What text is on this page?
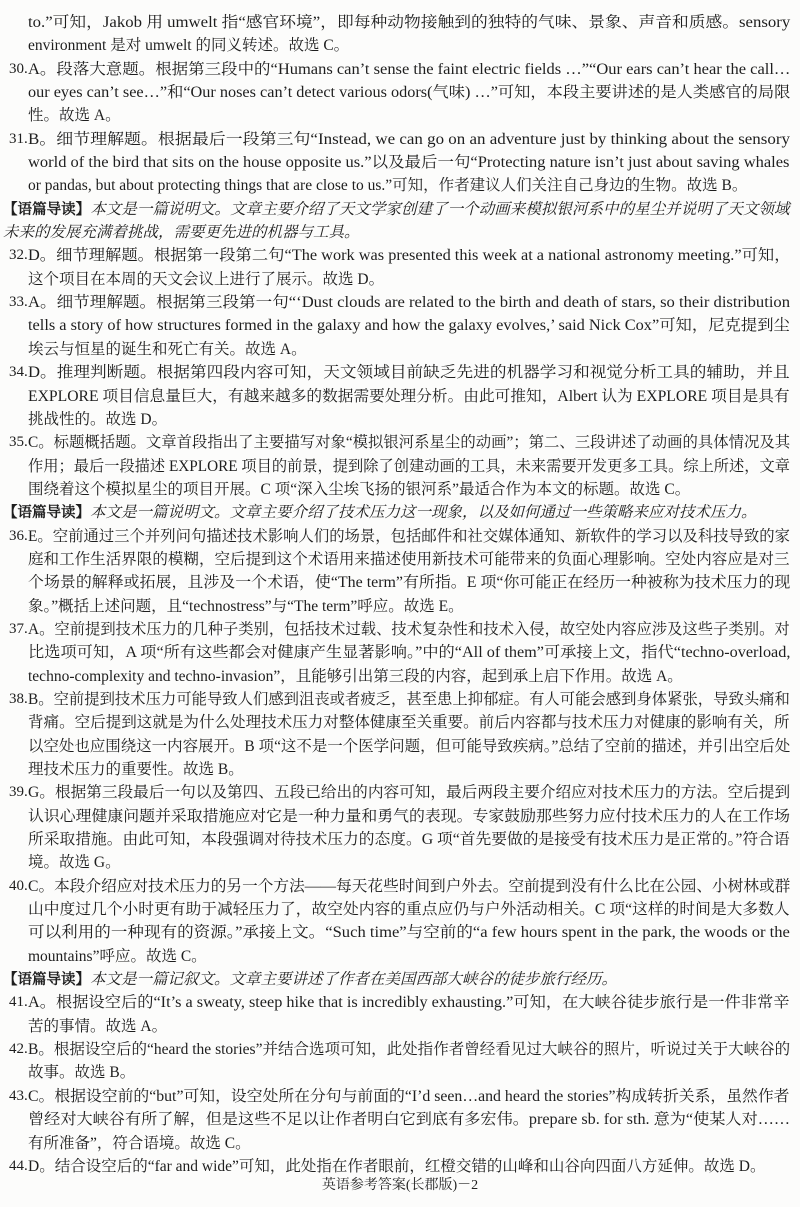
to.”可知，Jakob 用 umwelt 指“感官环境”，即每种动物接触到的独特的气味、景象、声音和质感。sensory
environment 是对 umwelt 的同义转述。故选 C。
30. A。段落大意题。根据第三段中的“Humans can’t sense the faint electric fields …”“Our ears can’t hear the call…
our eyes can’t see…”和“Our noses can’t detect various odors(气味) …”可知，本段主要讲述的是人类感官的局限
性。故选 A。
31. B。细节理解题。根据最后一段第三句“Instead, we can go on an adventure just by thinking about the sensory
world of the bird that sits on the house opposite us.”以及最后一句“Protecting nature isn’t just about saving whales
or pandas, but about protecting things that are close to us.”可知，作者建议人们关注自己身边的生物。故选 B。
【语篇导读】本文是一篇说明文。文章主要介绍了天文学家创建了一个动画来模拟银河系中的星尘并说明了天文领域
未来的发展充满着挑战，需要更先进的机器与工具。
32. D。细节理解题。根据第一段第二句“The work was presented this week at a national astronomy meeting.”可知，
这个项目在本周的天文会议上进行了展示。故选 D。
33. A。细节理解题。根据第三段第一句“‘Dust clouds are related to the birth and death of stars, so their distribution
tells a story of how structures formed in the galaxy and how the galaxy evolves,’ said Nick Cox”可知，尼克提到尘
埃云与恒星的诞生和死亡有关。故选 A。
34. D。推理判断题。根据第四段内容可知，天文领域目前缺乏先进的机器学习和视觉分析工具的辅助，并且
EXPLORE 项目信息量巨大，有越来越多的数据需要处理分析。由此可推知，Albert 认为 EXPLORE 项目是具有
挑战性的。故选 D。
35. C。标题概括题。文章首段指出了主要描写对象“模拟银河系星尘的动画”；第二、三段讲述了动画的具体情况及其
作用；最后一段描述 EXPLORE 项目的前景，提到除了创建动画的工具，未来需要开发更多工具。综上所述，文章
围绕着这个模拟星尘的项目开展。C 项“深入尘埃飞扬的银河系”最适合作为本文的标题。故选 C。
【语篇导读】本文是一篇说明文。文章主要介绍了技术压力这一现象，以及如何通过一些策略来应对技术压力。
36. E。空前通过三个并列问句描述技术影响人们的场景，包括邮件和社交媒体通知、新软件的学习以及科技导致的家
庭和工作生活界限的模糊，空后提到这个术语用来描述使用新技术可能带来的负面心理影响。空处内容应是对三
个场景的解释或拓展，且涉及一个术语，使“The term”有所指。E 项“你可能正在经历一种被称为技术压力的现
象。”概括上述问题，且“technostress”与“The term”呼应。故选 E。
37. A。空前提到技术压力的几种子类别，包括技术过载、技术复杂性和技术入侵，故空处内容应涉及这些子类别。对
比选项可知，A 项“所有这些都会对健康产生显著影响。”中的“All of them”可承接上文，指代“techno-overload,
techno-complexity and techno-invasion”，且能够引出第三段的内容，起到承上启下作用。故选 A。
38. B。空前提到技术压力可能导致人们感到沮丧或者疲乏，甚至患上抑郁症。有人可能会感到身体紧张，导致头痛和
背痛。空后提到这就是为什么处理技术压力对整体健康至关重要。前后内容都与技术压力对健康的影响有关，所
以空处也应围绕这一内容展开。B 项“这不是一个医学问题，但可能导致疾病。”总结了空前的描述，并引出空后处
理技术压力的重要性。故选 B。
39. G。根据第三段最后一句以及第四、五段已给出的内容可知，最后两段主要介绍应对技术压力的方法。空后提到
认识心理健康问题并采取措施应对它是一种力量和勇气的表现。专家鼓励那些努力应付技术压力的人在工作场
所采取措施。由此可知，本段强调对待技术压力的态度。G 项“首先要做的是接受有技术压力是正常的。”符合语
境。故选 G。
40. C。本段介绍应对技术压力的另一个方法——每天花些时间到户外去。空前提到没有什么比在公园、小树林或群
山中度过几个小时更有助于减轻压力了，故空处内容的重点应仍与户外活动相关。C 项“这样的时间是大多数人
可以利用的一种现有的资源。”承接上文。“Such time”与空前的“a few hours spent in the park, the woods or the
mountains”呼应。故选 C。
【语篇导读】本文是一篇记叙文。文章主要讲述了作者在美国西部大峡谷的徒步旅行经历。
41. A。根据设空后的“It’s a sweaty, steep hike that is incredibly exhausting.”可知，在大峡谷徒步旅行是一件非常辛
苦的事情。故选 A。
42. B。根据设空后的“heard the stories”并结合选项可知，此处指作者曾经看见过大峡谷的照片，听说过关于大峡谷的
故事。故选 B。
43. C。根据设空前的“but”可知，设空处所在分句与前面的“I’d seen…and heard the stories”构成转折关系，虽然作者
曾经对大峡谷有所了解，但是这些不足以让作者明白它到底有多宏伟。prepare sb. for sth. 意为“使某人对……
有所准备”，符合语境。故选 C。
44. D。结合设空后的“far and wide”可知，此处指在作者眼前，红橙交错的山峰和山谷向四面八方延伸。故选 D。
英语参考答案(长郡版)－2
